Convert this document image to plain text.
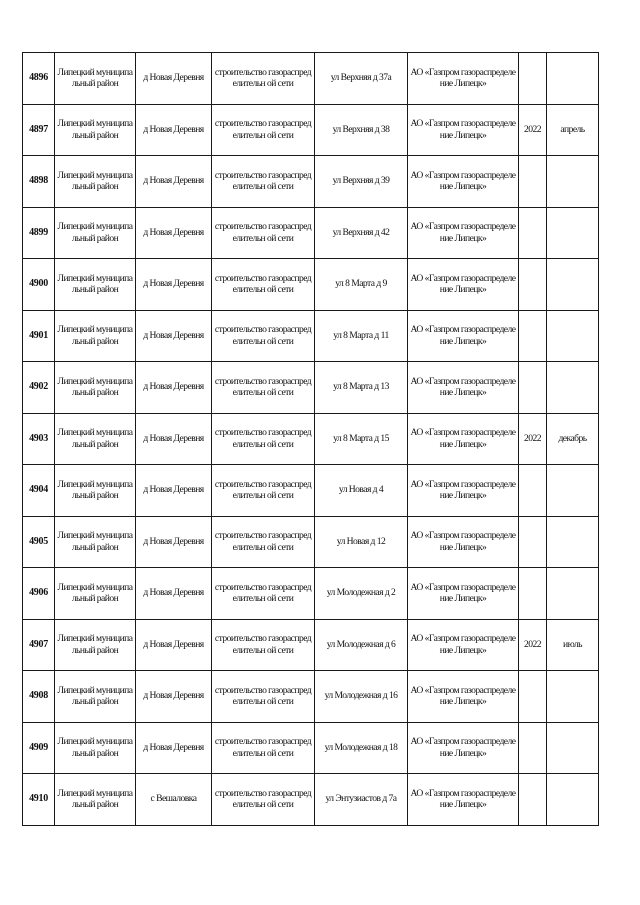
4896	Липецкий муниципальный район	д Новая Деревня	строительство газораспределительн ой сети	ул Верхняя д 37а	АО «Газпром газораспределение Липецк»		
4897	Липецкий муниципальный район	д Новая Деревня	строительство газораспределительн ой сети	ул Верхняя д 38	АО «Газпром газораспределение Липецк»	2022	апрель
4898	Липецкий муниципальный район	д Новая Деревня	строительство газораспределительн ой сети	ул Верхняя д 39	АО «Газпром газораспределение Липецк»		
4899	Липецкий муниципальный район	д Новая Деревня	строительство газораспределительн ой сети	ул Верхняя д 42	АО «Газпром газораспределение Липецк»		
4900	Липецкий муниципальный район	д Новая Деревня	строительство газораспределительн ой сети	ул 8 Марта д 9	АО «Газпром газораспределение Липецк»		
4901	Липецкий муниципальный район	д Новая Деревня	строительство газораспределительн ой сети	ул 8 Марта д 11	АО «Газпром газораспределение Липецк»		
4902	Липецкий муниципальный район	д Новая Деревня	строительство газораспределительн ой сети	ул 8 Марта д 13	АО «Газпром газораспределение Липецк»		
4903	Липецкий муниципальный район	д Новая Деревня	строительство газораспределительн ой сети	ул 8 Марта д 15	АО «Газпром газораспределение Липецк»	2022	декабрь
4904	Липецкий муниципальный район	д Новая Деревня	строительство газораспределительн ой сети	ул Новая д 4	АО «Газпром газораспределение Липецк»		
4905	Липецкий муниципальный район	д Новая Деревня	строительство газораспределительн ой сети	ул Новая д 12	АО «Газпром газораспределение Липецк»		
4906	Липецкий муниципальный район	д Новая Деревня	строительство газораспределительн ой сети	ул Молодежная д 2	АО «Газпром газораспределение Липецк»		
4907	Липецкий муниципальный район	д Новая Деревня	строительство газораспределительн ой сети	ул Молодежная д 6	АО «Газпром газораспределение Липецк»	2022	июль
4908	Липецкий муниципальный район	д Новая Деревня	строительство газораспределительн ой сети	ул Молодежная д 16	АО «Газпром газораспределение Липецк»		
4909	Липецкий муниципальный район	д Новая Деревня	строительство газораспределительн ой сети	ул Молодежная д 18	АО «Газпром газораспределение Липецк»		
4910	Липецкий муниципальный район	с Вешаловка	строительство газораспределительн ой сети	ул Энтузиастов д 7а	АО «Газпром газораспределение Липецк»		
